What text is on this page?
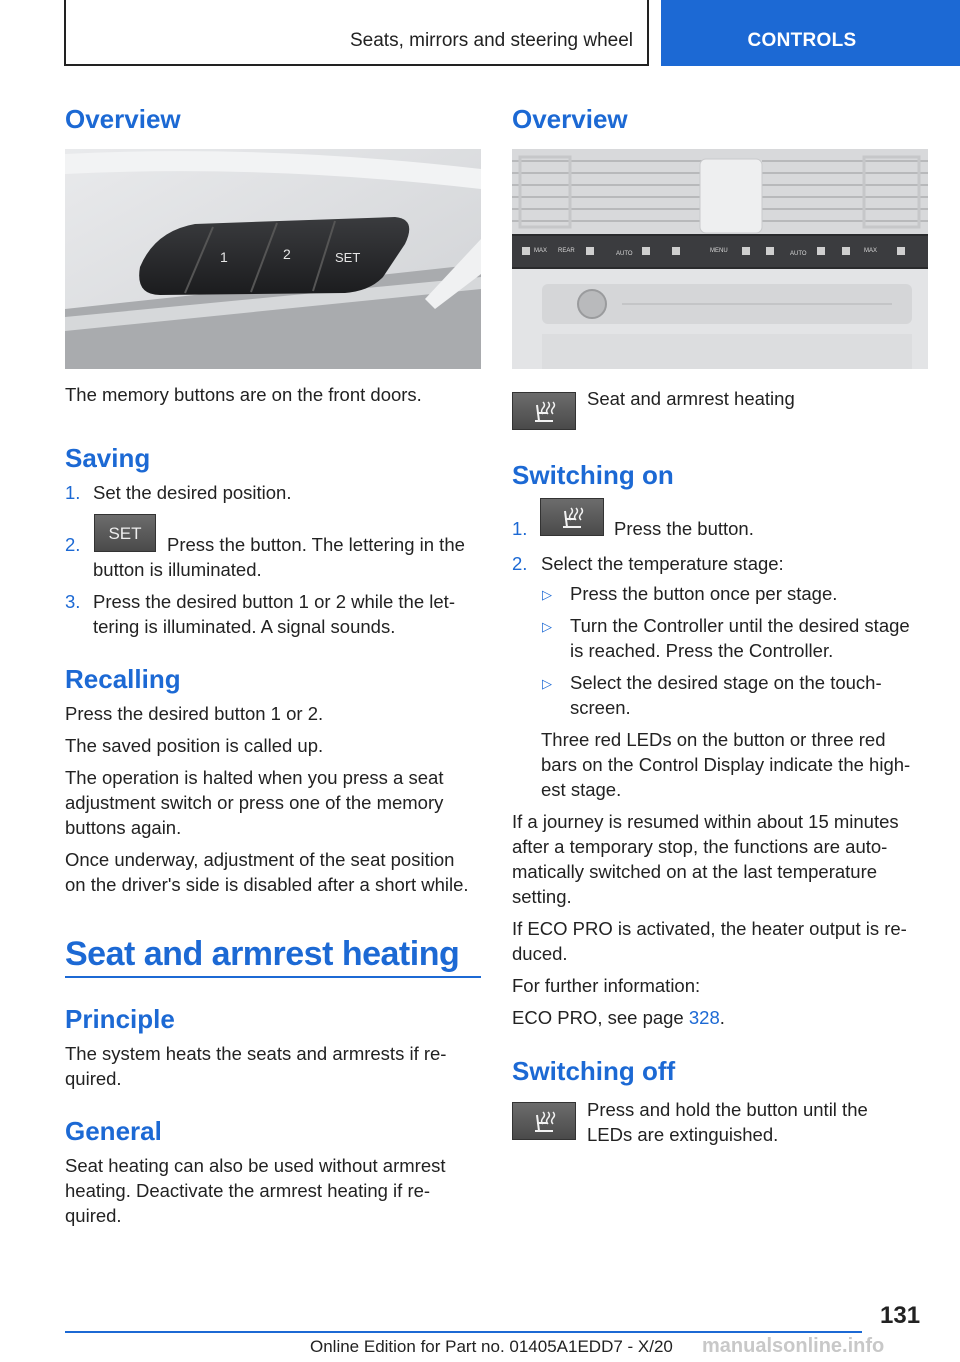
Seats, mirrors and steering wheel	CONTROLS
Overview
1	2	SET
The memory buttons are on the front doors.
Saving
1. Set the desired position.
2.
SET
Press the button. The lettering in the
button is illuminated.
3. Press the desired button 1 or 2 while the let-
tering is illuminated. A signal sounds.
Recalling
Press the desired button 1 or 2.
The saved position is called up.
The operation is halted when you press a seat
adjustment switch or press one of the memory
buttons again.
Once underway, adjustment of the seat position
on the driver's side is disabled after a short while.
Seat and armrest heating
Principle
The system heats the seats and armrests if re-
quired.
General
Seat heating can also be used without armrest
heating. Deactivate the armrest heating if re-
quired.
Overview
MAX REAR	AUTO	MENU	AUTO	MAX
Seat and armrest heating
Switching on
1.	Press the button.
2. Select the temperature stage:
▷ Press the button once per stage.
▷ Turn the Controller until the desired stage
is reached. Press the Controller.
▷ Select the desired stage on the touch-
screen.
Three red LEDs on the button or three red
bars on the Control Display indicate the high-
est stage.
If a journey is resumed within about 15 minutes
after a temporary stop, the functions are auto-
matically switched on at the last temperature
setting.
If ECO PRO is activated, the heater output is re-
duced.
For further information:
ECO PRO, see page 328.
Switching off
Press and hold the button until the
LEDs are extinguished.
131
Online Edition for Part no. 01405A1EDD7 - X/20 manualsonline.info
